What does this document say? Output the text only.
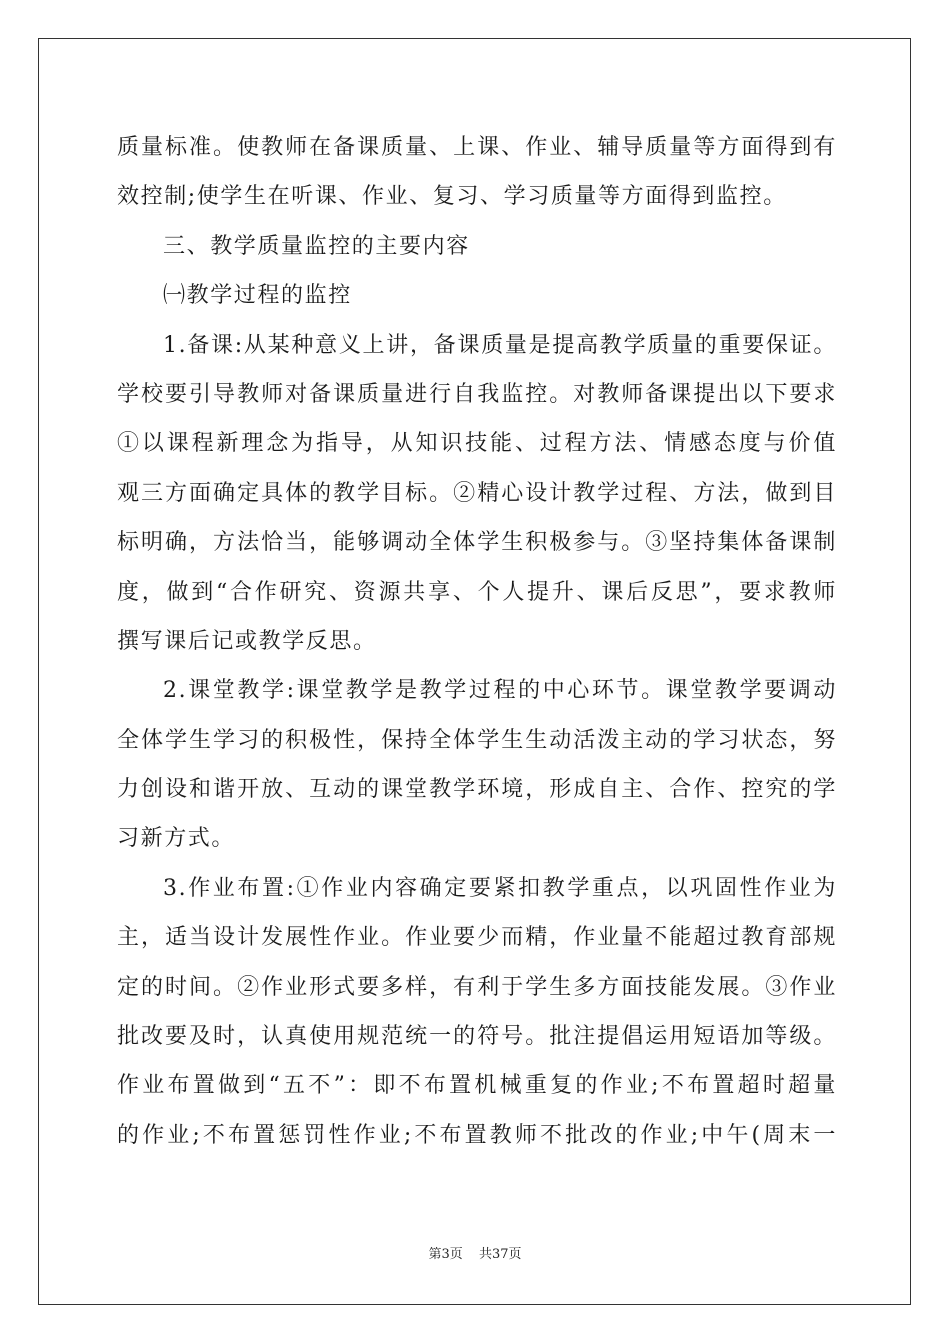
质量标准。使教师在备课质量、上课、作业、辅导质量等方面得到有
效控制;使学生在听课、作业、复习、学习质量等方面得到监控。
三、教学质量监控的主要内容
㈠教学过程的监控
1.备课:从某种意义上讲，备课质量是提高教学质量的重要保证。
学校要引导教师对备课质量进行自我监控。对教师备课提出以下要求
①以课程新理念为指导，从知识技能、过程方法、情感态度与价值
观三方面确定具体的教学目标。②精心设计教学过程、方法，做到目
标明确，方法恰当，能够调动全体学生积极参与。③坚持集体备课制
度，做到“合作研究、资源共享、个人提升、课后反思”，要求教师
撰写课后记或教学反思。
2.课堂教学:课堂教学是教学过程的中心环节。课堂教学要调动
全体学生学习的积极性，保持全体学生生动活泼主动的学习状态，努
力创设和谐开放、互动的课堂教学环境，形成自主、合作、控究的学
习新方式。
3.作业布置:①作业内容确定要紧扣教学重点，以巩固性作业为
主，适当设计发展性作业。作业要少而精，作业量不能超过教育部规
定的时间。②作业形式要多样，有利于学生多方面技能发展。③作业
批改要及时，认真使用规范统一的符号。批注提倡运用短语加等级。
作业布置做到“五不”：即不布置机械重复的作业;不布置超时超量
的作业;不布置惩罚性作业;不布置教师不批改的作业;中午(周末一
第3页 共37页
